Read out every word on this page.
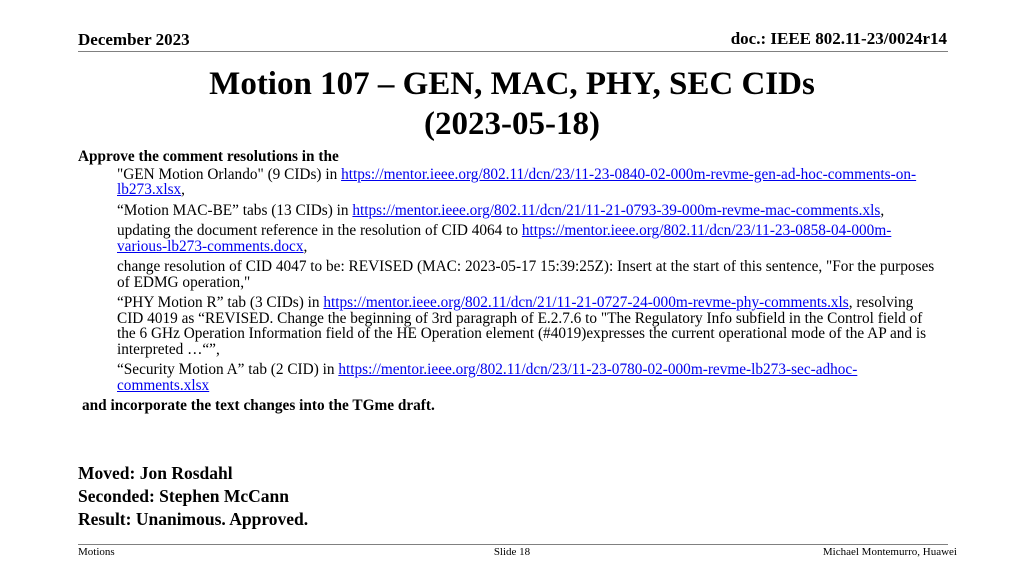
December 2023	doc.: IEEE 802.11-23/0024r14
Motion 107 – GEN, MAC, PHY, SEC CIDs
(2023-05-18)

Approve the comment resolutions in the

"GEN Motion Orlando" (9 CIDs) in https://mentor.ieee.org/802.11/dcn/23/11-23-0840-02-000m-revme-gen-ad-hoc-comments-on-lb273.xlsx,
“Motion MAC-BE” tabs (13 CIDs) in https://mentor.ieee.org/802.11/dcn/21/11-21-0793-39-000m-revme-mac-comments.xls,
updating the document reference in the resolution of CID 4064 to https://mentor.ieee.org/802.11/dcn/23/11-23-0858-04-000m-various-lb273-comments.docx,
change resolution of CID 4047 to be: REVISED (MAC: 2023-05-17 15:39:25Z): Insert at the start of this sentence, "For the purposes of EDMG operation,"
“PHY Motion R” tab (3 CIDs) in https://mentor.ieee.org/802.11/dcn/21/11-21-0727-24-000m-revme-phy-comments.xls, resolving CID 4019 as “REVISED. Change the beginning of 3rd paragraph of E.2.7.6 to "The Regulatory Info subfield in the Control field of the 6 GHz Operation Information field of the HE Operation element (#4019)expresses the current operational mode of the AP and is interpreted …“”,
“Security Motion A” tab (2 CID) in https://mentor.ieee.org/802.11/dcn/23/11-23-0780-02-000m-revme-lb273-sec-adhoc-comments.xlsx

and incorporate the text changes into the TGme draft.

Moved: Jon Rosdahl
Seconded: Stephen McCann
Result: Unanimous. Approved.
Motions	Slide 18	Michael Montemurro, Huawei
